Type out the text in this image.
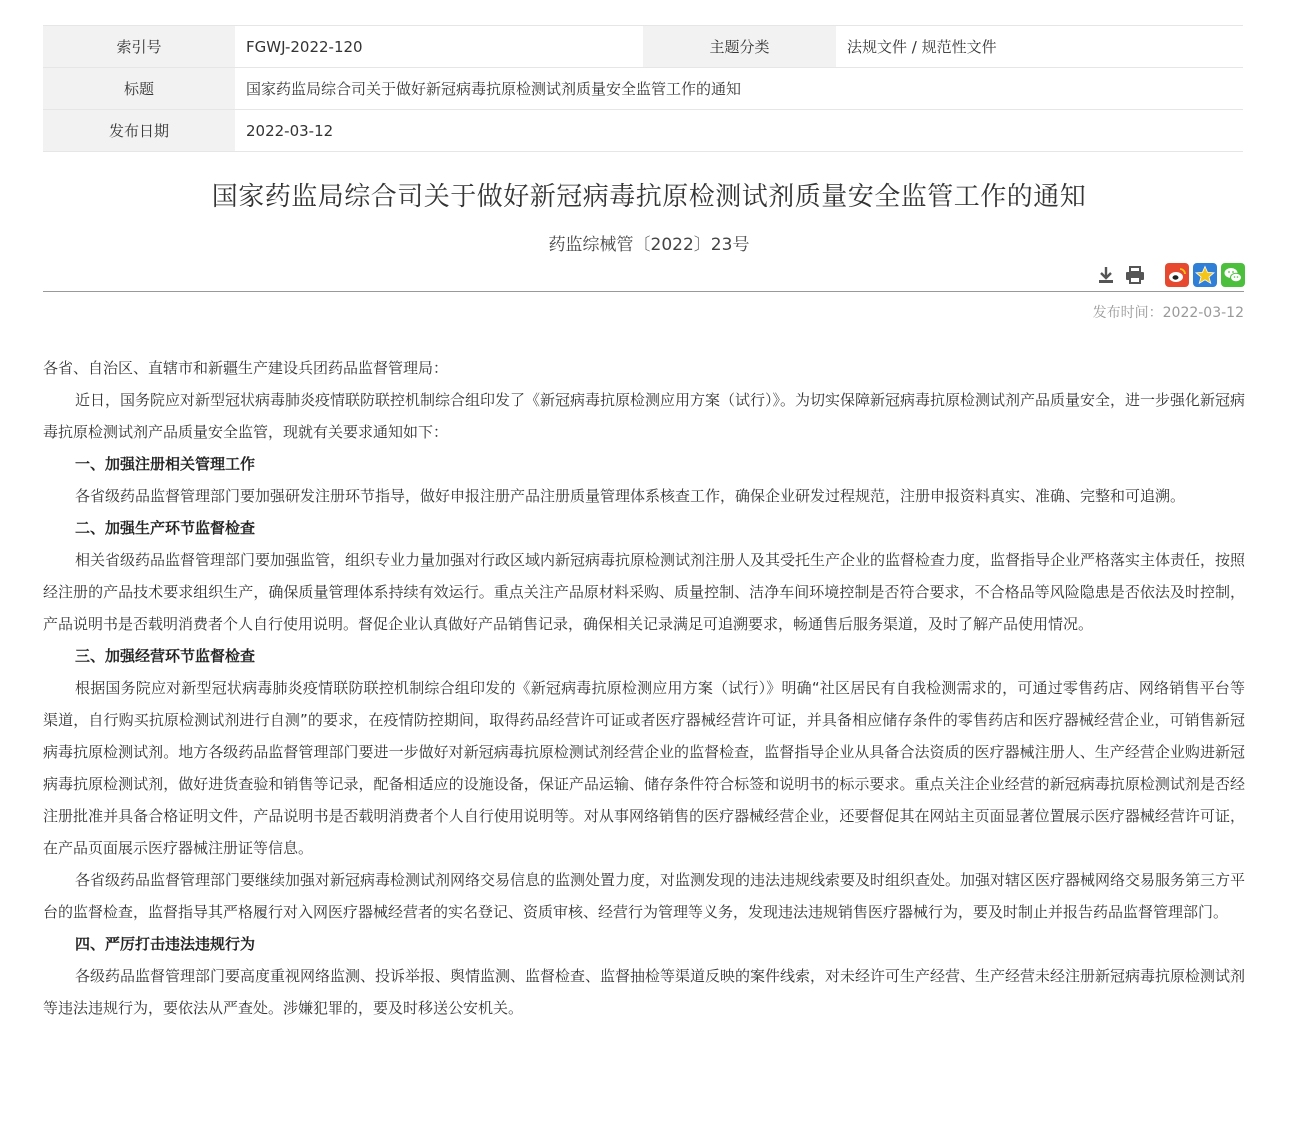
索引号	FGWJ-2022-120	主题分类	法规文件 / 规范性文件
标题	国家药监局综合司关于做好新冠病毒抗原检测试剂质量安全监管工作的通知		
发布日期	2022-03-12		
国家药监局综合司关于做好新冠病毒抗原检测试剂质量安全监管工作的通知
药监综械管〔2022〕23号
发布时间：2022-03-12

各省、自治区、直辖市和新疆生产建设兵团药品监督管理局：

近日，国务院应对新型冠状病毒肺炎疫情联防联控机制综合组印发了《新冠病毒抗原检测应用方案（试行）》。为切实保障新冠病毒抗原检测试剂产品质量安全，进一步强化新冠病毒抗原检测试剂产品质量安全监管，现就有关要求通知如下：

一、加强注册相关管理工作

各省级药品监督管理部门要加强研发注册环节指导，做好申报注册产品注册质量管理体系核查工作，确保企业研发过程规范，注册申报资料真实、准确、完整和可追溯。

二、加强生产环节监督检查

相关省级药品监督管理部门要加强监管，组织专业力量加强对行政区域内新冠病毒抗原检测试剂注册人及其受托生产企业的监督检查力度，监督指导企业严格落实主体责任，按照经注册的产品技术要求组织生产，确保质量管理体系持续有效运行。重点关注产品原材料采购、质量控制、洁净车间环境控制是否符合要求，不合格品等风险隐患是否依法及时控制，产品说明书是否载明消费者个人自行使用说明。督促企业认真做好产品销售记录，确保相关记录满足可追溯要求，畅通售后服务渠道，及时了解产品使用情况。

三、加强经营环节监督检查

根据国务院应对新型冠状病毒肺炎疫情联防联控机制综合组印发的《新冠病毒抗原检测应用方案（试行）》明确“社区居民有自我检测需求的，可通过零售药店、网络销售平台等渠道，自行购买抗原检测试剂进行自测”的要求，在疫情防控期间，取得药品经营许可证或者医疗器械经营许可证，并具备相应储存条件的零售药店和医疗器械经营企业，可销售新冠病毒抗原检测试剂。地方各级药品监督管理部门要进一步做好对新冠病毒抗原检测试剂经营企业的监督检查，监督指导企业从具备合法资质的医疗器械注册人、生产经营企业购进新冠病毒抗原检测试剂，做好进货查验和销售等记录，配备相适应的设施设备，保证产品运输、储存条件符合标签和说明书的标示要求。重点关注企业经营的新冠病毒抗原检测试剂是否经注册批准并具备合格证明文件，产品说明书是否载明消费者个人自行使用说明等。对从事网络销售的医疗器械经营企业，还要督促其在网站主页面显著位置展示医疗器械经营许可证，在产品页面展示医疗器械注册证等信息。

各省级药品监督管理部门要继续加强对新冠病毒检测试剂网络交易信息的监测处置力度，对监测发现的违法违规线索要及时组织查处。加强对辖区医疗器械网络交易服务第三方平台的监督检查，监督指导其严格履行对入网医疗器械经营者的实名登记、资质审核、经营行为管理等义务，发现违法违规销售医疗器械行为，要及时制止并报告药品监督管理部门。

四、严厉打击违法违规行为

各级药品监督管理部门要高度重视网络监测、投诉举报、舆情监测、监督检查、监督抽检等渠道反映的案件线索，对未经许可生产经营、生产经营未经注册新冠病毒抗原检测试剂等违法违规行为，要依法从严查处。涉嫌犯罪的，要及时移送公安机关。
